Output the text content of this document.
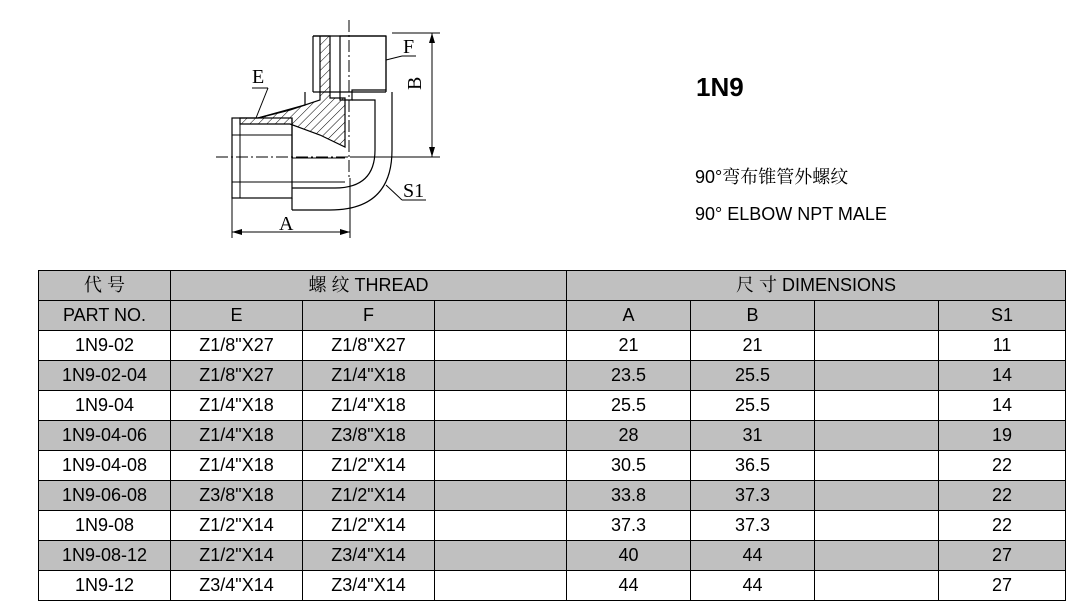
B
A
E
F
S1
1N9
90°弯布锥管外螺纹
90° ELBOW NPT MALE
代 号	螺 纹 THREAD			尺 寸 DIMENSIONS			
PART NO.	E	F		A	B		S1
1N9-02	Z1/8"X27	Z1/8"X27		21	21		11
1N9-02-04	Z1/8"X27	Z1/4"X18		23.5	25.5		14
1N9-04	Z1/4"X18	Z1/4"X18		25.5	25.5		14
1N9-04-06	Z1/4"X18	Z3/8"X18		28	31		19
1N9-04-08	Z1/4"X18	Z1/2"X14		30.5	36.5		22
1N9-06-08	Z3/8"X18	Z1/2"X14		33.8	37.3		22
1N9-08	Z1/2"X14	Z1/2"X14		37.3	37.3		22
1N9-08-12	Z1/2"X14	Z3/4"X14		40	44		27
1N9-12	Z3/4"X14	Z3/4"X14		44	44		27
